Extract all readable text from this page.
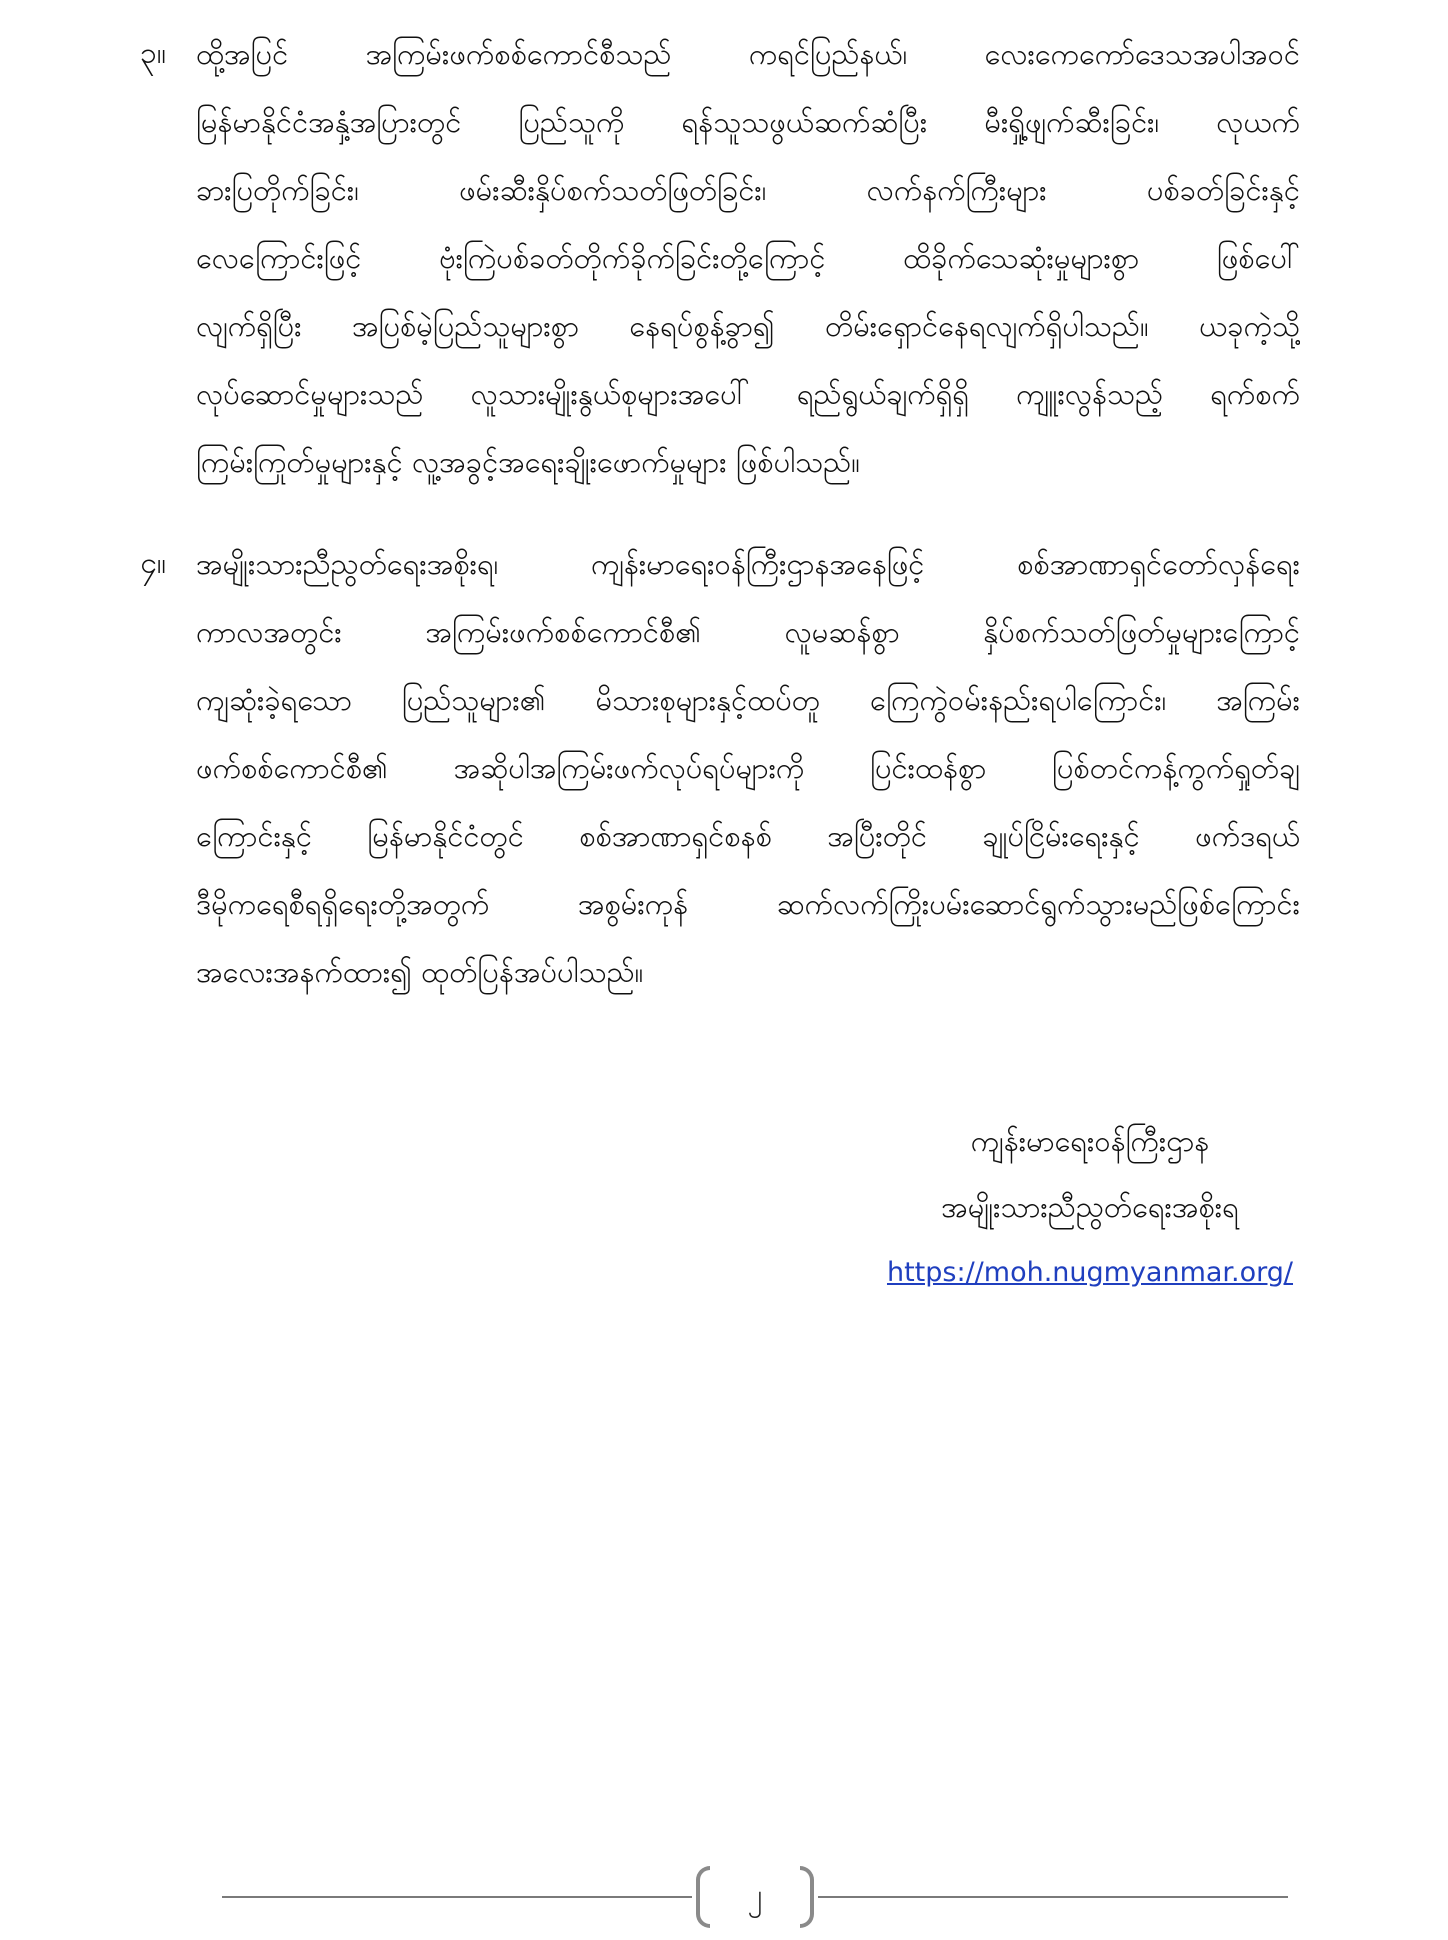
၃။	ထို့အပြင် အကြမ်းဖက်စစ်ကောင်စီသည် ကရင်ပြည်နယ်၊ လေးကေကော်ဒေသအပါအဝင်
မြန်မာနိုင်ငံအနှံ့အပြားတွင် ပြည်သူကို ရန်သူသဖွယ်ဆက်ဆံပြီး မီးရှို့ဖျက်ဆီးခြင်း၊ လုယက်
ခားပြတိုက်ခြင်း၊ ဖမ်းဆီးနှိပ်စက်သတ်ဖြတ်ခြင်း၊ လက်နက်ကြီးများ ပစ်ခတ်ခြင်းနှင့်
လေကြောင်းဖြင့် ဗုံးကြဲပစ်ခတ်တိုက်ခိုက်ခြင်းတို့ကြောင့် ထိခိုက်သေဆုံးမှုများစွာ ဖြစ်ပေါ်
လျက်ရှိပြီး အပြစ်မဲ့ပြည်သူများစွာ နေရပ်စွန့်ခွာ၍ တိမ်းရှောင်နေရလျက်ရှိပါသည်။ ယခုကဲ့သို့
လုပ်ဆောင်မှုများသည် လူသားမျိုးနွယ်စုများအပေါ် ရည်ရွယ်ချက်ရှိရှိ ကျူးလွန်သည့် ရက်စက်
ကြမ်းကြုတ်မှုများနှင့် လူ့အခွင့်အရေးချိုးဖောက်မှုများ ဖြစ်ပါသည်။
၄။	အမျိုးသားညီညွတ်ရေးအစိုးရ၊ ကျန်းမာရေးဝန်ကြီးဌာနအနေဖြင့် စစ်အာဏာရှင်တော်လှန်ရေး
ကာလအတွင်း အကြမ်းဖက်စစ်ကောင်စီ၏ လူမဆန်စွာ နှိပ်စက်သတ်ဖြတ်မှုများကြောင့်
ကျဆုံးခဲ့ရသော ပြည်သူများ၏ မိသားစုများနှင့်ထပ်တူ ကြေကွဲဝမ်းနည်းရပါကြောင်း၊ အကြမ်း
ဖက်စစ်ကောင်စီ၏ အဆိုပါအကြမ်းဖက်လုပ်ရပ်များကို ပြင်းထန်စွာ ပြစ်တင်ကန့်ကွက်ရှုတ်ချ
ကြောင်းနှင့် မြန်မာနိုင်ငံတွင် စစ်အာဏာရှင်စနစ် အပြီးတိုင် ချုပ်ငြိမ်းရေးနှင့် ဖက်ဒရယ်
ဒီမိုကရေစီရရှိရေးတို့အတွက် အစွမ်းကုန် ဆက်လက်ကြိုးပမ်းဆောင်ရွက်သွားမည်ဖြစ်ကြောင်း
အလေးအနက်ထား၍ ထုတ်ပြန်အပ်ပါသည်။
ကျန်းမာရေးဝန်ကြီးဌာန
အမျိုးသားညီညွတ်ရေးအစိုးရ
https://moh.nugmyanmar.org/
၂
